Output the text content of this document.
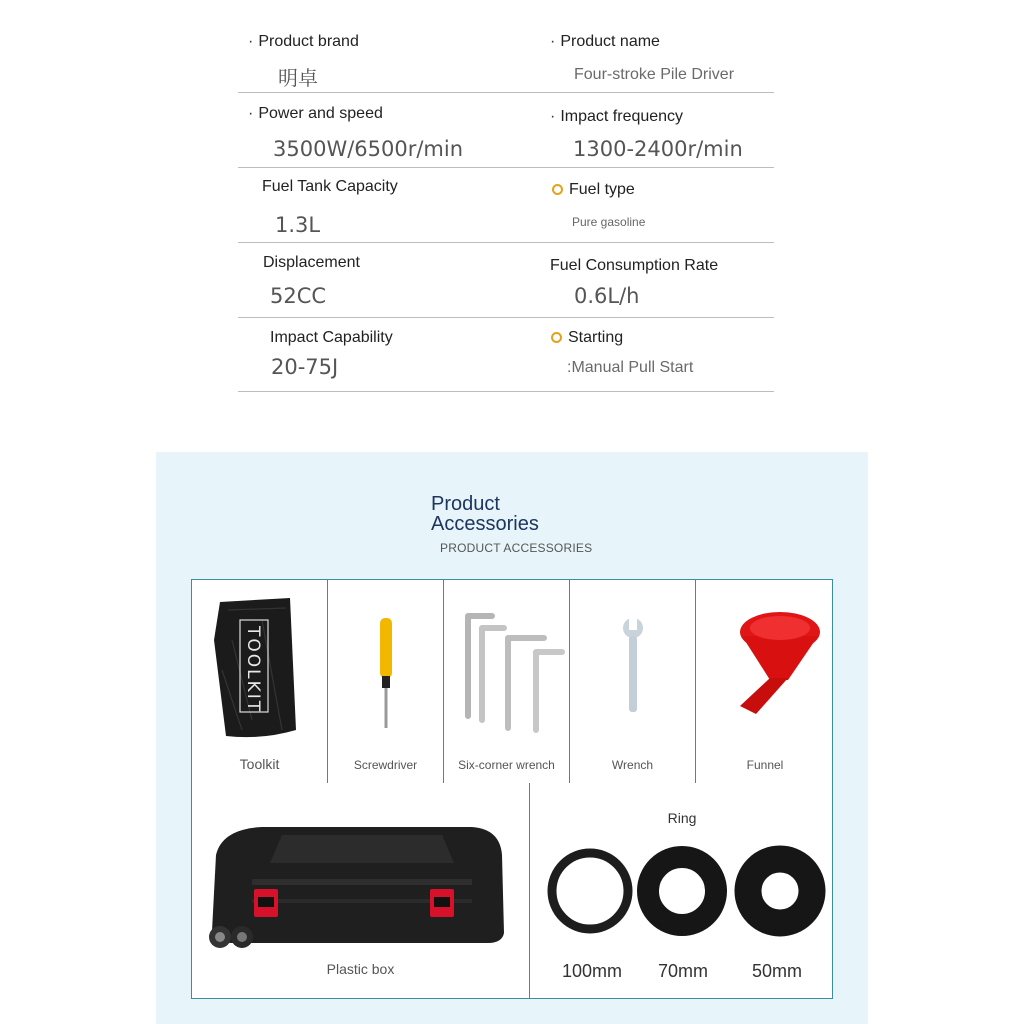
· Product brand
明卓
· Product name
Four-stroke Pile Driver
· Power and speed
3500W/6500r/min
· Impact frequency
1300-2400r/min
Fuel Tank Capacity
1.3L
Fuel type
Pure gasoline
Displacement
52CC
Fuel Consumption Rate
0.6L/h
Impact Capability
20-75J
Starting
:Manual Pull Start
Product
Accessories
PRODUCT ACCESSORIES
TOOLKIT
Toolkit	Screwdriver	Six-corner wrench	Wrench	Funnel
Plastic box
Ring
100mm 70mm 50mm
